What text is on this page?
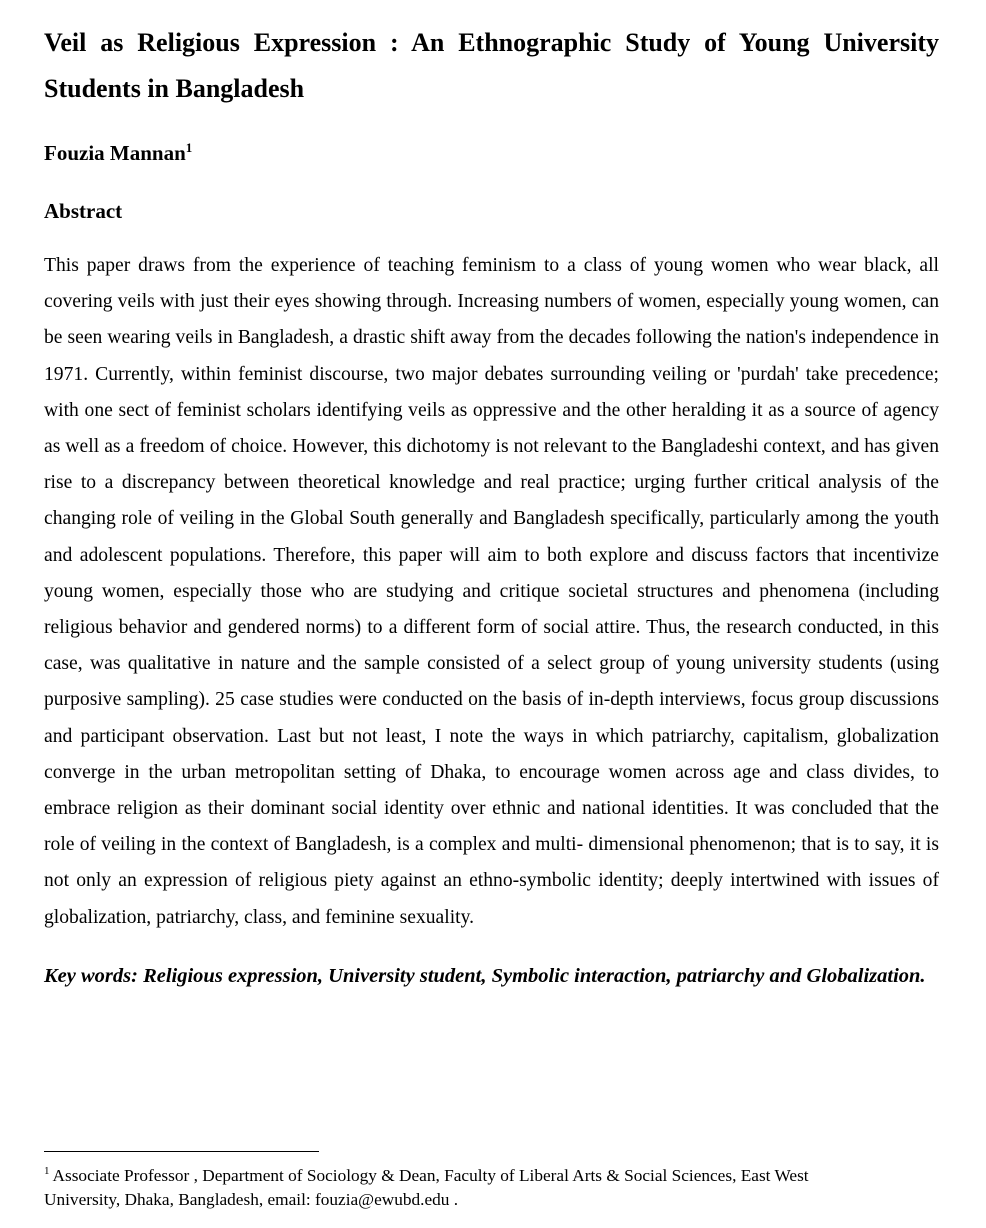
Veil as Religious Expression : An Ethnographic Study of Young University Students in Bangladesh
Fouzia Mannan$^1$
Abstract

This paper draws from the experience of teaching feminism to a class of young women who wear black, all covering veils with just their eyes showing through. Increasing numbers of women, especially young women, can be seen wearing veils in Bangladesh, a drastic shift away from the decades following the nation's independence in 1971. Currently, within feminist discourse, two major debates surrounding veiling or 'purdah' take precedence; with one sect of feminist scholars identifying veils as oppressive and the other heralding it as a source of agency as well as a freedom of choice. However, this dichotomy is not relevant to the Bangladeshi context, and has given rise to a discrepancy between theoretical knowledge and real practice; urging further critical analysis of the changing role of veiling in the Global South generally and Bangladesh specifically, particularly among the youth and adolescent populations. Therefore, this paper will aim to both explore and discuss factors that incentivize young women, especially those who are studying and critique societal structures and phenomena (including religious behavior and gendered norms) to a different form of social attire. Thus, the research conducted, in this case, was qualitative in nature and the sample consisted of a select group of young university students (using purposive sampling). 25 case studies were conducted on the basis of in-depth interviews, focus group discussions and participant observation. Last but not least, I note the ways in which patriarchy, capitalism, globalization converge in the urban metropolitan setting of Dhaka, to encourage women across age and class divides, to embrace religion as their dominant social identity over ethnic and national identities. It was concluded that the role of veiling in the context of Bangladesh, is a complex and multi- dimensional phenomenon; that is to say, it is not only an expression of religious piety against an ethno-symbolic identity; deeply intertwined with issues of globalization, patriarchy, class, and feminine sexuality.

Key words: Religious expression, University student, Symbolic interaction, patriarchy and Globalization.

$^1$ Associate Professor , Department of Sociology & Dean, Faculty of Liberal Arts & Social Sciences, East West University, Dhaka, Bangladesh, email: fouzia@ewubd.edu .
